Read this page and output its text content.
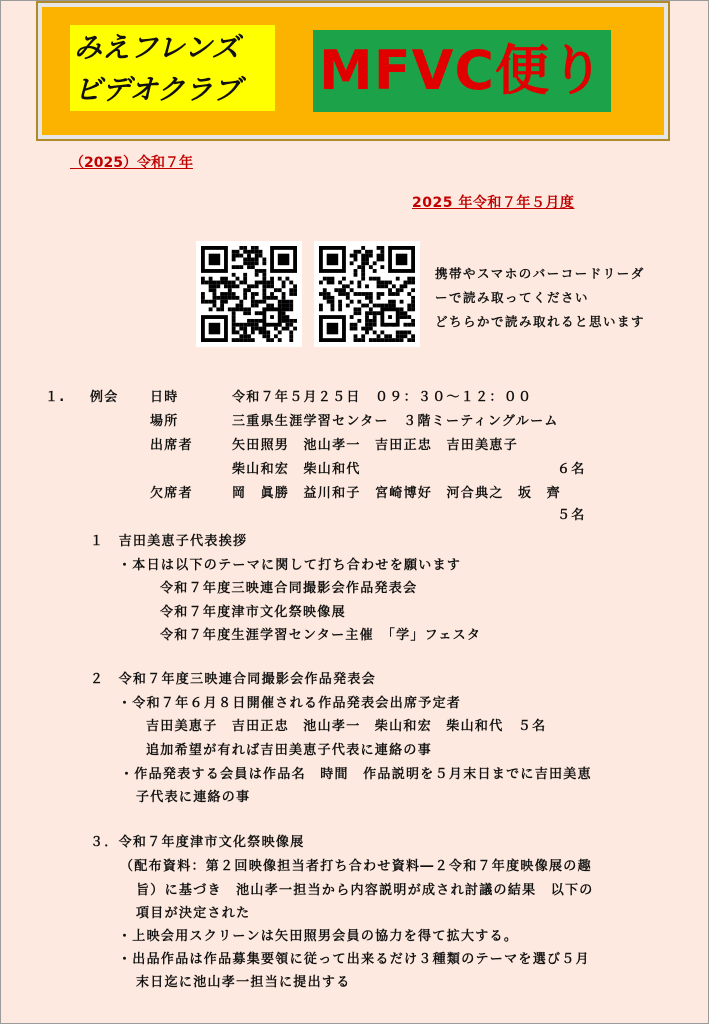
みえフレンズ
ビデオクラブ	MFVC便り
（2025）令和７年
2025 年令和７年５月度
携帯やスマホのバーコードリーダ
ーで読み取ってください
どちらかで読み取れると思います
１. 例会 日時	令和７年５月２５日　０９：３０～１２：００
場所	三重県生涯学習センター　３階ミーティングルーム
出席者	矢田照男　池山孝一　吉田正忠　吉田美恵子
柴山和宏　柴山和代	６名
欠席者	岡　眞勝　益川和子　宮崎博好　河合典之　坂　齊
５名
１　吉田美恵子代表挨拶
・本日は以下のテーマに関して打ち合わせを願います
令和７年度三映連合同撮影会作品発表会
令和７年度津市文化祭映像展
令和７年度生涯学習センター主催　「学」フェスタ
２　令和７年度三映連合同撮影会作品発表会
・令和７年６月８日開催される作品発表会出席予定者
吉田美恵子　吉田正忠　池山孝一　柴山和宏　柴山和代　５名
追加希望が有れば吉田美恵子代表に連絡の事
・作品発表する会員は作品名　時間　作品説明を５月末日までに吉田美恵
子代表に連絡の事
３．令和７年度津市文化祭映像展
（配布資料：第２回映像担当者打ち合わせ資料―２令和７年度映像展の趣
旨）に基づき　池山孝一担当から内容説明が成され討議の結果　以下の
項目が決定された
・上映会用スクリーンは矢田照男会員の協力を得て拡大する。
・出品作品は作品募集要領に従って出来るだけ３種類のテーマを選び５月
末日迄に池山孝一担当に提出する
